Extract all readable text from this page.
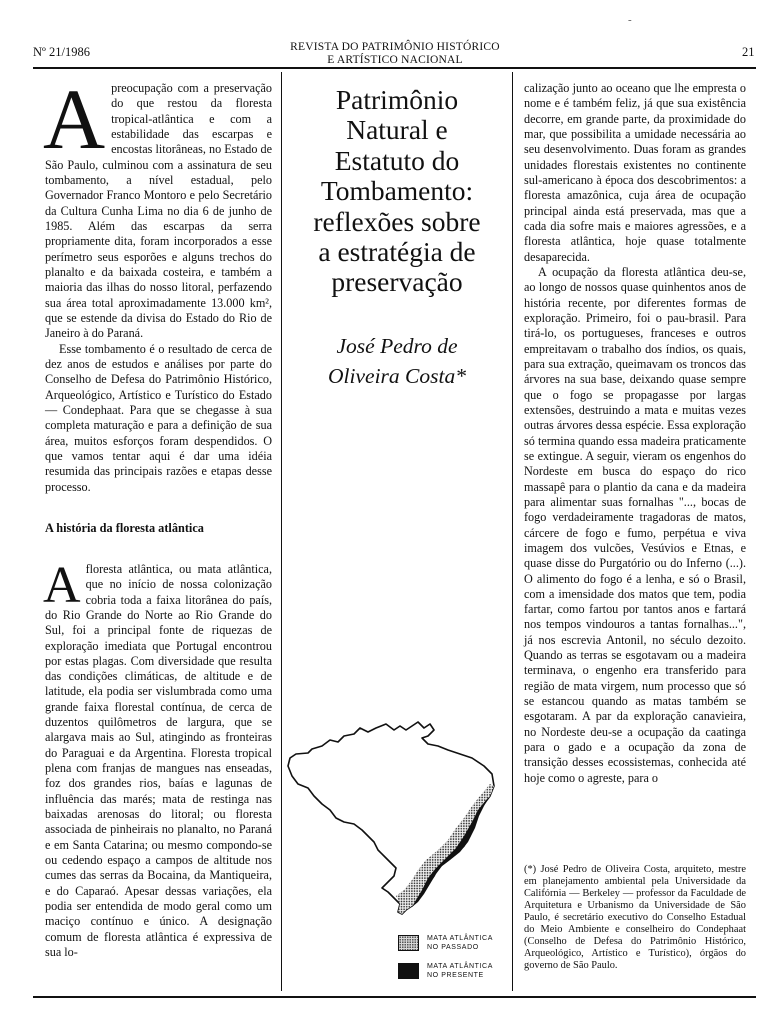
-
Nº 21/1986	REVISTA DO PATRIMÔNIO HISTÓRICO
E ARTÍSTICO NACIONAL
21

Apreocupação com a preservação do que restou da floresta tropical-atlântica e com a estabilidade das escarpas e encostas litorâneas, no Estado de São Paulo, culminou com a assinatura de seu tombamento, a nível estadual, pelo Governador Franco Montoro e pelo Secretário da Cultura Cunha Lima no dia 6 de junho de 1985. Além das escarpas da serra propriamente dita, foram incorporados a esse perímetro seus esporões e alguns trechos do planalto e da baixada costeira, e também a maioria das ilhas do nosso litoral, perfazendo sua área total aproximadamente 13.000 km², que se estende da divisa do Estado do Rio de Janeiro à do Paraná.

Esse tombamento é o resultado de cerca de dez anos de estudos e análises por parte do Conselho de Defesa do Patrimônio Histórico, Arqueológico, Artístico e Turístico do Estado — Condephaat. Para que se chegasse à sua completa maturação e para a definição de sua área, muitos esforços foram despendidos. O que vamos tentar aqui é dar uma idéia resumida das principais razões e etapas desse processo.

A história da floresta atlântica

Afloresta atlântica, ou mata atlântica, que no início de nossa colonização cobria toda a faixa litorânea do país, do Rio Grande do Norte ao Rio Grande do Sul, foi a principal fonte de riquezas de exploração imediata que Portugal encontrou por estas plagas. Com diversidade que resulta das condições climáticas, de altitude e de latitude, ela podia ser vislumbrada como uma grande faixa florestal contínua, de cerca de duzentos quilômetros de largura, que se alargava mais ao Sul, atingindo as fronteiras do Paraguai e da Argentina. Floresta tropical plena com franjas de mangues nas enseadas, foz dos grandes rios, baías e lagunas de influência das marés; mata de restinga nas baixadas arenosas do litoral; ou floresta associada de pinheirais no planalto, no Paraná e em Santa Catarina; ou mesmo compondo-se ou cedendo espaço a campos de altitude nos cumes das serras da Bocaina, da Mantiqueira, e do Caparaó. Apesar dessas variações, ela podia ser entendida de modo geral como um maciço contínuo e único. A designação comum de floresta atlântica é expressiva de sua lo-

Patrimônio
Natural e
Estatuto do
Tombamento:
reflexões sobre
a estratégia de
preservação
José Pedro de
Oliveira Costa*
MATA ATLÂNTICA
NO PASSADO
MATA ATLÂNTICA
NO PRESENTE

calização junto ao oceano que lhe empresta o nome e é também feliz, já que sua existência decorre, em grande parte, da proximidade do mar, que possibilita a umidade necessária ao seu desenvolvimento. Duas foram as grandes unidades florestais existentes no continente sul-americano à época dos descobrimentos: a floresta amazônica, cuja área de ocupação principal ainda está preservada, mas que a cada dia sofre mais e maiores agressões, e a floresta atlântica, hoje quase totalmente desaparecida.

A ocupação da floresta atlântica deu-se, ao longo de nossos quase quinhentos anos de história recente, por diferentes formas de exploração. Primeiro, foi o pau-brasil. Para tirá-lo, os portugueses, franceses e outros empreitavam o trabalho dos índios, os quais, para sua extração, queimavam os troncos das árvores na sua base, deixando quase sempre que o fogo se propagasse por largas extensões, destruindo a mata e muitas vezes outras árvores dessa espécie. Essa exploração só termina quando essa madeira praticamente se extingue. A seguir, vieram os engenhos do Nordeste em busca do espaço do rico massapê para o plantio da cana e da madeira para alimentar suas fornalhas "..., bocas de fogo verdadeiramente tragadoras de matos, cárcere de fogo e fumo, perpétua e viva imagem dos vulcões, Vesúvios e Etnas, e quase disse do Purgatório ou do Inferno (...). O alimento do fogo é a lenha, e só o Brasil, com a imensidade dos matos que tem, podia fartar, como fartou por tantos anos e fartará nos tempos vindouros a tantas fornalhas...", já nos escrevia Antonil, no século dezoito. Quando as terras se esgotavam ou a madeira terminava, o engenho era transferido para região de mata virgem, num processo que só se estancou quando as matas também se esgotaram. A par da exploração canavieira, no Nordeste deu-se a ocupação da caatinga para o gado e a ocupação da zona de transição desses ecossistemas, conhecida até hoje como o agreste, para o

(*) José Pedro de Oliveira Costa, arquiteto, mestre em planejamento ambiental pela Universidade da Califórnia — Berkeley — professor da Faculdade de Arquitetura e Urbanismo da Universidade de São Paulo, é secretário executivo do Conselho Estadual do Meio Ambiente e conselheiro do Condephaat (Conselho de Defesa do Patrimônio Histórico, Arqueológico, Artístico e Turístico), órgãos do governo de São Paulo.
